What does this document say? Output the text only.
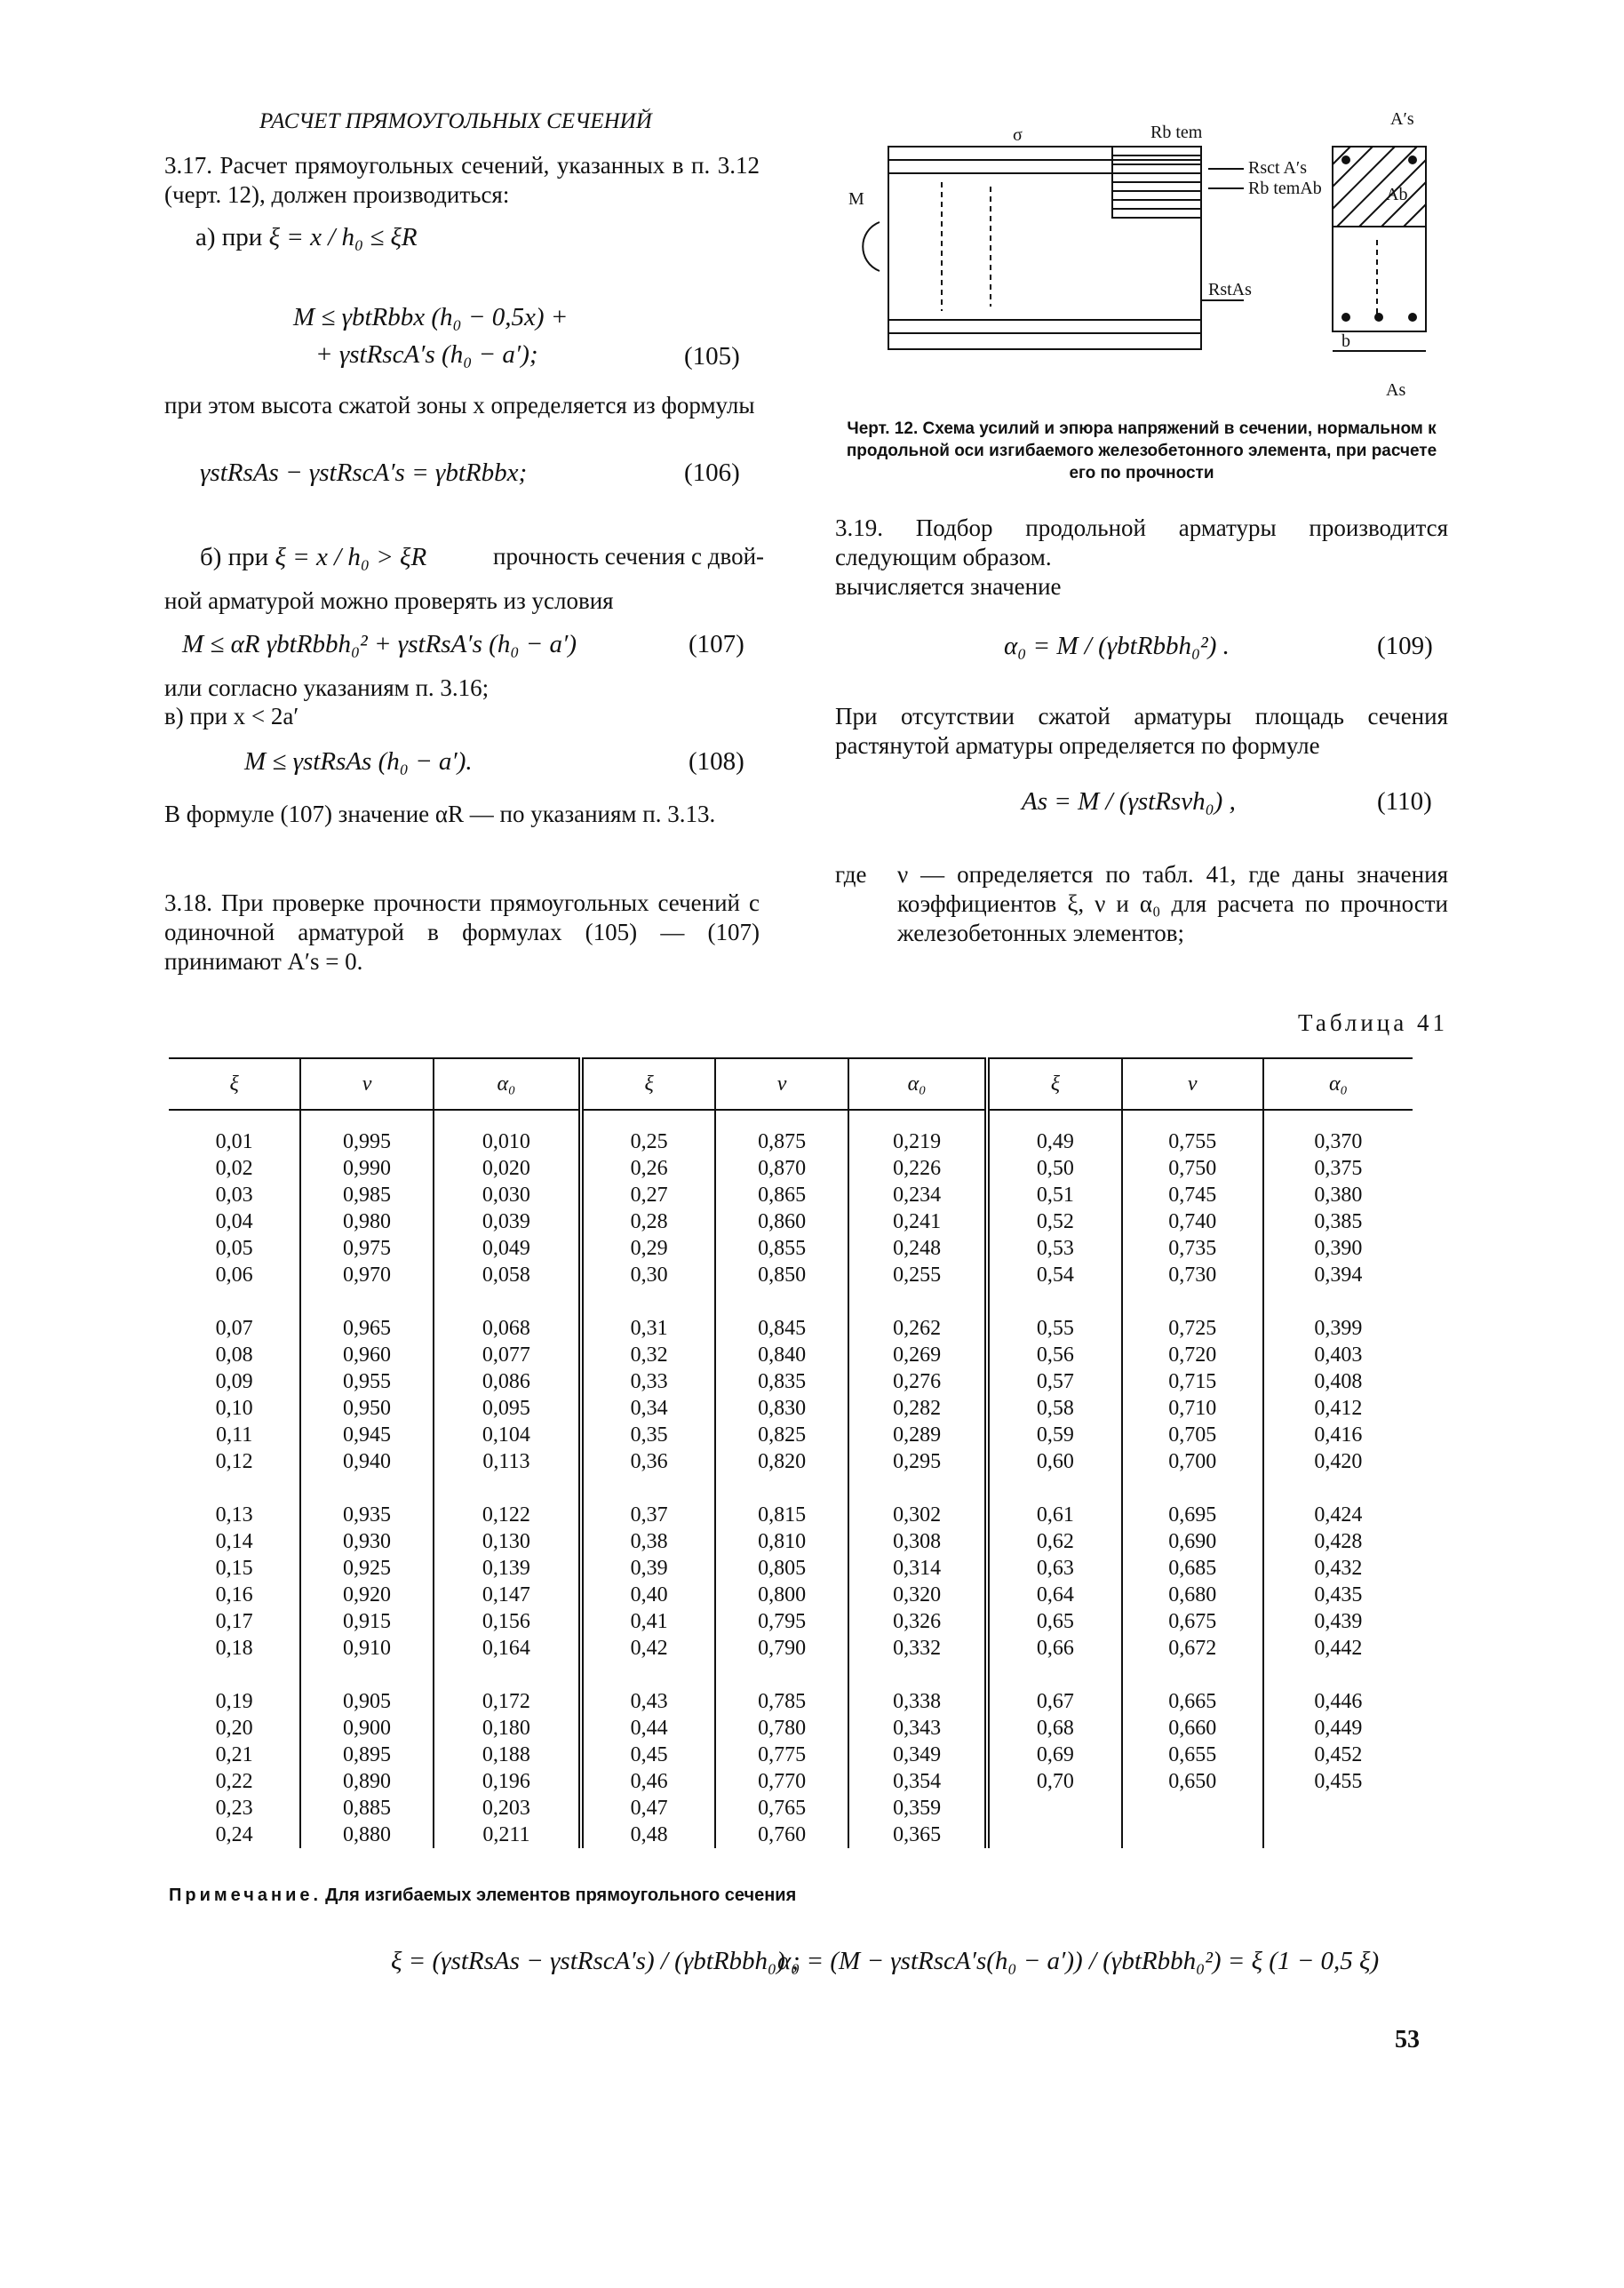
РАСЧЕТ ПРЯМОУГОЛЬНЫХ СЕЧЕНИЙ
3.17. Расчет прямоугольных сечений, указанных в п. 3.12 (черт. 12), должен производиться:
а) при ξ = x / h₀ ≤ ξR
M ≤ γbtRbbx (h₀ − 0,5x) +
+ γstRscA′s (h₀ − a′);	(105)
при этом высота сжатой зоны x определяется из формулы
γstRsAs − γstRscA′s = γbtRbbx;	(106)
б) при ξ = x / h₀ > ξR	прочность сечения с двой-
ной арматурой можно проверять из условия
M ≤ αR γbtRbbh₀² + γstRsA′s (h₀ − a′)	(107)
или согласно указаниям п. 3.16;
в) при x < 2a′
M ≤ γstRsAs (h₀ − a′).	(108)
В формуле (107) значение αR — по указаниям п. 3.13.
3.18. При проверке прочности прямоугольных сечений с одиночной арматурой в формулах (105) — (107) принимают A′s = 0.
M
σ	Rb tem
A′s
Rsct A′s
Rb temAb	Ab
RstAs
b
As
Черт. 12. Схема усилий и эпюра напряжений в сечении, нормальном к продольной оси изгибаемого железобетонного элемента, при расчете его по прочности
3.19. Подбор продольной арматуры производится следующим образом.
вычисляется значение
α₀ = M / (γbtRbbh₀²) .	(109)
При отсутствии сжатой арматуры площадь сечения растянутой арматуры определяется по формуле
As = M / (γstRsνh₀) ,	(110)
где ν — определяется по табл. 41, где даны значения коэффициентов ξ, ν и α₀ для расчета по прочности железобетонных элементов;
Таблица 41
ξ	ν	α₀	ξ	ν	α₀	ξ	ν	α₀

0,01	0,995	0,010	0,25	0,875	0,219	0,49	0,755	0,370
0,02	0,990	0,020	0,26	0,870	0,226	0,50	0,750	0,375
0,03	0,985	0,030	0,27	0,865	0,234	0,51	0,745	0,380
0,04	0,980	0,039	0,28	0,860	0,241	0,52	0,740	0,385
0,05	0,975	0,049	0,29	0,855	0,248	0,53	0,735	0,390
0,06	0,970	0,058	0,30	0,850	0,255	0,54	0,730	0,394

0,07	0,965	0,068	0,31	0,845	0,262	0,55	0,725	0,399
0,08	0,960	0,077	0,32	0,840	0,269	0,56	0,720	0,403
0,09	0,955	0,086	0,33	0,835	0,276	0,57	0,715	0,408
0,10	0,950	0,095	0,34	0,830	0,282	0,58	0,710	0,412
0,11	0,945	0,104	0,35	0,825	0,289	0,59	0,705	0,416
0,12	0,940	0,113	0,36	0,820	0,295	0,60	0,700	0,420

0,13	0,935	0,122	0,37	0,815	0,302	0,61	0,695	0,424
0,14	0,930	0,130	0,38	0,810	0,308	0,62	0,690	0,428
0,15	0,925	0,139	0,39	0,805	0,314	0,63	0,685	0,432
0,16	0,920	0,147	0,40	0,800	0,320	0,64	0,680	0,435
0,17	0,915	0,156	0,41	0,795	0,326	0,65	0,675	0,439
0,18	0,910	0,164	0,42	0,790	0,332	0,66	0,672	0,442

0,19	0,905	0,172	0,43	0,785	0,338	0,67	0,665	0,446
0,20	0,900	0,180	0,44	0,780	0,343	0,68	0,660	0,449
0,21	0,895	0,188	0,45	0,775	0,349	0,69	0,655	0,452
0,22	0,890	0,196	0,46	0,770	0,354	0,70	0,650	0,455
0,23	0,885	0,203	0,47	0,765	0,359			
0,24	0,880	0,211	0,48	0,760	0,365			
Примечание. Для изгибаемых элементов прямоугольного сечения
ξ = (γstRsAs − γstRscA′s) / (γbtRbbh₀) ;
α₀ = (M − γstRscA′s(h₀ − a′)) / (γbtRbbh₀²) = ξ (1 − 0,5 ξ)
53
